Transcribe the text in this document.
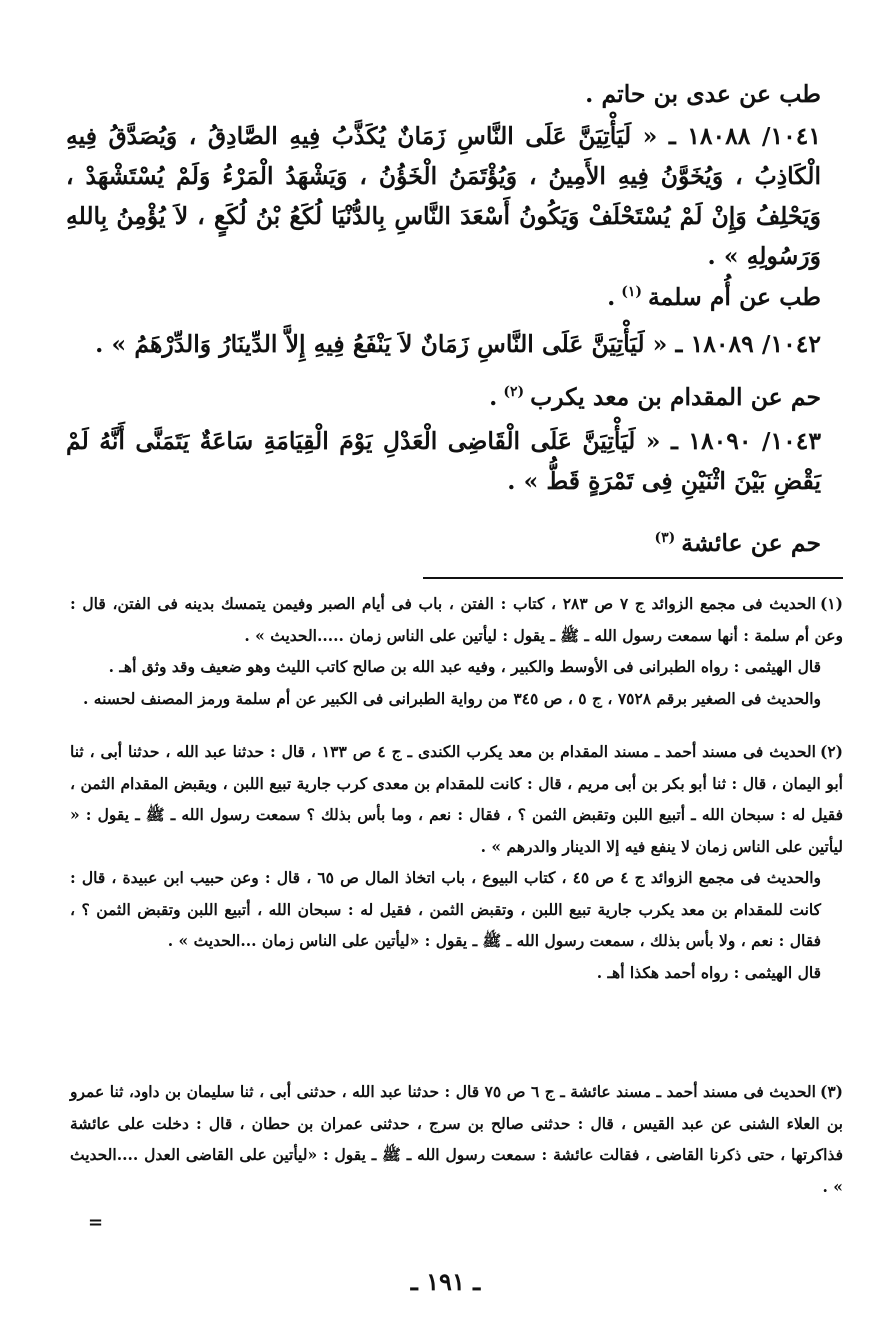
طب عن عدى بن حاتم .

١٠٤١/ ١٨٠٨٨ ـ « لَيَأْتِيَنَّ عَلَى النَّاسِ زَمَانٌ يُكَذَّبُ فِيهِ الصَّادِقُ ، وَيُصَدَّقُ فِيهِ الْكَاذِبُ ، وَيُخَوَّنُ فِيهِ الأَمِينُ ، وَيُؤْتَمَنُ الْخَؤُنُ ، وَيَشْهَدُ الْمَرْءُ وَلَمْ يُسْتَشْهَدْ ، وَيَحْلِفُ وَإِنْ لَمْ يُسْتَحْلَفْ وَيَكُونُ أَسْعَدَ النَّاسِ بِالدُّنْيَا لُكَعُ بْنُ لُكَعٍ ، لاَ يُؤْمِنُ بِاللهِ وَرَسُولِهِ » .

طب عن أُم سلمة$^{(١)}$.

١٠٤٢/ ١٨٠٨٩ ـ « لَيَأْتِيَنَّ عَلَى النَّاسِ زَمَانٌ لاَ يَنْفَعُ فِيهِ إِلاَّ الدِّينَارُ وَالدِّرْهَمُ » .

حم عن المقدام بن معد يكرب$^{(٢)}$.

١٠٤٣/ ١٨٠٩٠ ـ « لَيَأْتِيَنَّ عَلَى الْقَاضِى الْعَدْلِ يَوْمَ الْقِيَامَةِ سَاعَةٌ يَتَمَنَّى أَنَّهُ لَمْ يَقْضِ بَيْنَ اثْنَيْنِ فِى تَمْرَةٍ قَطُّ » .

حم عن عائشة$^{(٣)}$

(١)الحديث فى مجمع الزوائد ج ٧ ص ٢٨٣ ، كتاب : الفتن ، باب فى أيام الصبر وفيمن يتمسك بدينه فى الفتن، قال : وعن أم سلمة : أنها سمعت رسول الله ـ ﷺ ـ يقول : ليأتين على الناس زمان .....الحديث » .

قال الهيثمى : رواه الطبرانى فى الأوسط والكبير ، وفيه عبد الله بن صالح كاتب الليث وهو ضعيف وقد وثق أهـ .

والحديث فى الصغير برقم ٧٥٢٨ ، ج ٥ ، ص ٣٤٥ من رواية الطبرانى فى الكبير عن أم سلمة ورمز المصنف لحسنه .

(٢)الحديث فى مسند أحمد ـ مسند المقدام بن معد يكرب الكندى ـ ج ٤ ص ١٣٣ ، قال : حدثنا عبد الله ، حدثنا أبى ، ثنا أبو اليمان ، قال : ثنا أبو بكر بن أبى مريم ، قال : كانت للمقدام بن معدى كرب جارية تبيع اللبن ، ويقبض المقدام الثمن ، فقيل له : سبحان الله ـ أتبيع اللبن وتقبض الثمن ؟ ، فقال : نعم ، وما بأس بذلك ؟ سمعت رسول الله ـ ﷺ ـ يقول : « ليأتين على الناس زمان لا ينفع فيه إلا الدينار والدرهم » .

والحديث فى مجمع الزوائد ج ٤ ص ٤٥ ، كتاب البيوع ، باب اتخاذ المال ص ٦٥ ، قال : وعن حبيب ابن عبيدة ، قال : كانت للمقدام بن معد يكرب جارية تبيع اللبن ، وتقبض الثمن ، فقيل له : سبحان الله ، أتبيع اللبن وتقبض الثمن ؟ ، فقال : نعم ، ولا بأس بذلك ، سمعت رسول الله ـ ﷺ ـ يقول : «ليأتين على الناس زمان ...الحديث » .

قال الهيثمى : رواه أحمد هكذا أهـ .

(٣)الحديث فى مسند أحمد ـ مسند عائشة ـ ج ٦ ص ٧٥ قال : حدثنا عبد الله ، حدثنى أبى ، ثنا سليمان بن داود، ثنا عمرو بن العلاء الشنى عن عبد القيس ، قال : حدثنى صالح بن سرج ، حدثنى عمران بن حطان ، قال : دخلت على عائشة فذاكرتها ، حتى ذكرنا القاضى ، فقالت عائشة : سمعت رسول الله ـ ﷺ ـ يقول : «ليأتين على القاضى العدل ....الحديث » .

=
ـ ١٩١ ـ
